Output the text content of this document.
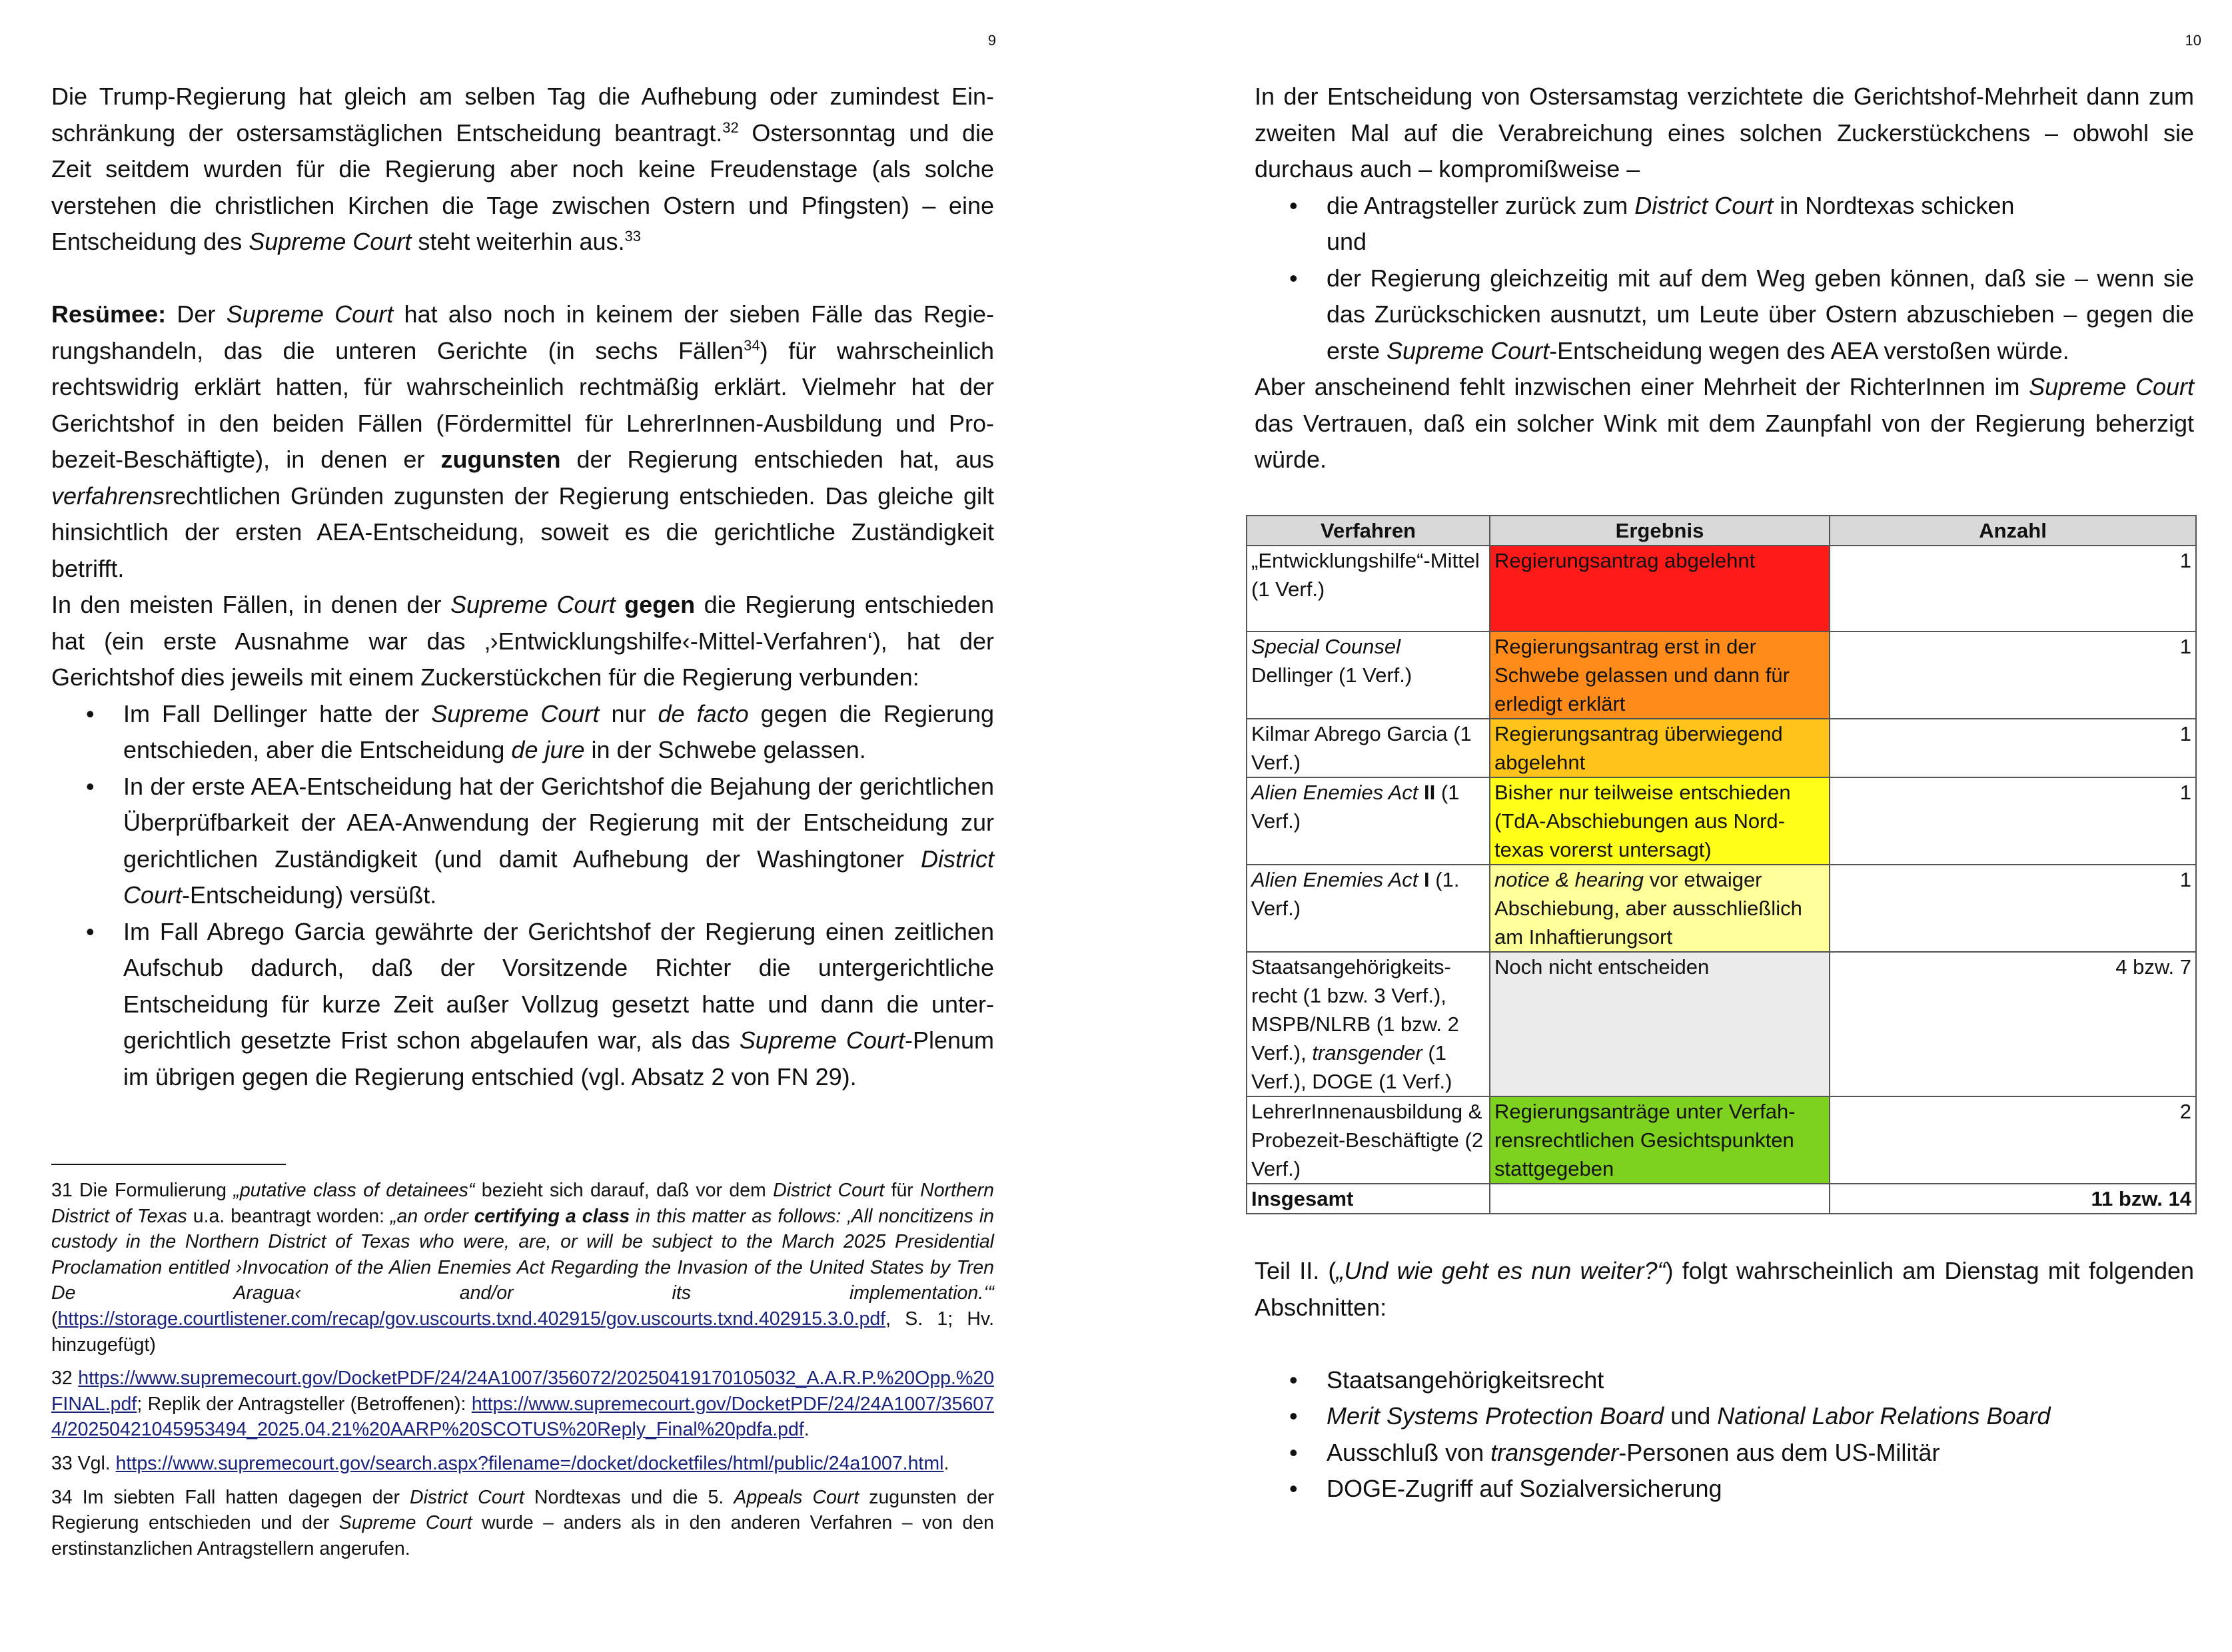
9

Die Trump-Regierung hat gleich am selben Tag die Aufhebung oder zumindest Einschränkung der ostersamstäglichen Entscheidung beantragt.$^{32}$ Ostersonntag und die Zeit seitdem wurden für die Regierung aber noch keine Freudenstage (als solche verstehen die christlichen Kirchen die Tage zwischen Ostern und Pfingsten) – eine Entscheidung des Supreme Court steht weiterhin aus.$^{33}$

Resümee: Der Supreme Court hat also noch in keinem der sieben Fälle das Regierungshandeln, das die unteren Gerichte (in sechs Fällen$^{34}$) für wahrscheinlich rechtswidrig erklärt hatten, für wahrscheinlich rechtmäßig erklärt. Vielmehr hat der Gerichtshof in den beiden Fällen (Fördermittel für LehrerInnen-Ausbildung und Probezeit-Beschäftigte), in denen er zugunsten der Regierung entschieden hat, aus verfahrensrechtlichen Gründen zugunsten der Regierung entschieden. Das gleiche gilt hinsichtlich der ersten AEA-Entscheidung, soweit es die gerichtliche Zuständigkeit betrifft.

In den meisten Fällen, in denen der Supreme Court gegen die Regierung entschieden hat (ein erste Ausnahme war das ‚›Entwicklungshilfe‹-Mittel-Verfahren‘), hat der Gerichtshof dies jeweils mit einem Zuckerstückchen für die Regierung verbunden:

• Im Fall Dellinger hatte der Supreme Court nur de facto gegen die Regierung entschieden, aber die Entscheidung de jure in der Schwebe gelassen.
• In der erste AEA-Entscheidung hat der Gerichtshof die Bejahung der gerichtlichen Überprüfbarkeit der AEA-Anwendung der Regierung mit der Entscheidung zur gerichtlichen Zuständigkeit (und damit Aufhebung der Washingtoner District Court-Entscheidung) versüßt.
• Im Fall Abrego Garcia gewährte der Gerichtshof der Regierung einen zeitlichen Aufschub dadurch, daß der Vorsitzende Richter die untergerichtliche Entscheidung für kurze Zeit außer Vollzug gesetzt hatte und dann die untergerichtlich gesetzte Frist schon abgelaufen war, als das Supreme Court-Plenum im übrigen gegen die Regierung entschied (vgl. Absatz 2 von FN 29).

31 Die Formulierung „putative class of detainees“ bezieht sich darauf, daß vor dem District Court für Northern District of Texas u.a. beantragt worden: „an order certifying a class in this matter as follows: ‚All noncitizens in custody in the Northern District of Texas who were, are, or will be subject to the March 2025 Presidential Proclamation entitled ›Invocation of the Alien Enemies Act Regarding the Invasion of the United States by Tren De Aragua‹ and/or its implementation.‘“ (https://storage.courtlistener.com/recap/gov.uscourts.txnd.402915/gov.uscourts.txnd.402915.3.0.pdf, S. 1; Hv. hinzugefügt)

32 https://www.supremecourt.gov/DocketPDF/24/24A1007/356072/20250419170105032_A.A.R.P.%20Opp.%20FINAL.pdf; Replik der Antragsteller (Betroffenen): https://www.supremecourt.gov/DocketPDF/24/24A1007/356074/20250421045953494_2025.04.21%20AARP%20SCOTUS%20Reply_Final%20pdfa.pdf.

33 Vgl. https://www.supremecourt.gov/search.aspx?filename=/docket/docketfiles/html/public/24a1007.html.

34 Im siebten Fall hatten dagegen der District Court Nordtexas und die 5. Appeals Court zugunsten der Regierung entschieden und der Supreme Court wurde – anders als in den anderen Verfahren – von den erstinstanzlichen Antragstellern angerufen.

10

In der Entscheidung von Ostersamstag verzichtete die Gerichtshof-Mehrheit dann zum zweiten Mal auf die Verabreichung eines solchen Zuckerstückchens – obwohl sie durchaus auch – kompromißweise –

• die Antragsteller zurück zum District Court in Nordtexas schicken
und
• der Regierung gleichzeitig mit auf dem Weg geben können, daß sie – wenn sie das Zurückschicken ausnutzt, um Leute über Ostern abzuschieben – gegen die erste Supreme Court-Entscheidung wegen des AEA verstoßen würde.

Aber anscheinend fehlt inzwischen einer Mehrheit der RichterInnen im Supreme Court das Vertrauen, daß ein solcher Wink mit dem Zaunpfahl von der Regierung beherzigt würde.

Verfahren	Ergebnis	Anzahl
„Entwicklungshilfe“-Mittel (1 Verf.)	Regierungsantrag abgelehnt	1
Special Counsel Dellinger (1 Verf.)	Regierungsantrag erst in der Schwebe gelassen und dann für erledigt erklärt	1
Kilmar Abrego Garcia (1 Verf.)	Regierungsantrag überwiegend abgelehnt	1
Alien Enemies Act II (1 Verf.)	Bisher nur teilweise entschieden (TdA-Abschiebungen aus Nordtexas vorerst untersagt)	1
Alien Enemies Act I (1. Verf.)	notice & hearing vor etwaiger Abschiebung, aber ausschließlich am Inhaftierungsort	1
Staatsangehörigkeitsrecht (1 bzw. 3 Verf.), MSPB/NLRB (1 bzw. 2 Verf.), transgender (1 Verf.), DOGE (1 Verf.)	Noch nicht entscheiden	4 bzw. 7
LehrerInnenausbildung & Probezeit-Beschäftigte (2 Verf.)	Regierungsanträge unter Verfahrensrechtlichen Gesichtspunkten stattgegeben	2
Insgesamt		11 bzw. 14

Teil II. („Und wie geht es nun weiter?“) folgt wahrscheinlich am Dienstag mit folgenden Abschnitten:

• Staatsangehörigkeitsrecht
• Merit Systems Protection Board und National Labor Relations Board
• Ausschluß von transgender-Personen aus dem US-Militär
• DOGE-Zugriff auf Sozialversicherung
